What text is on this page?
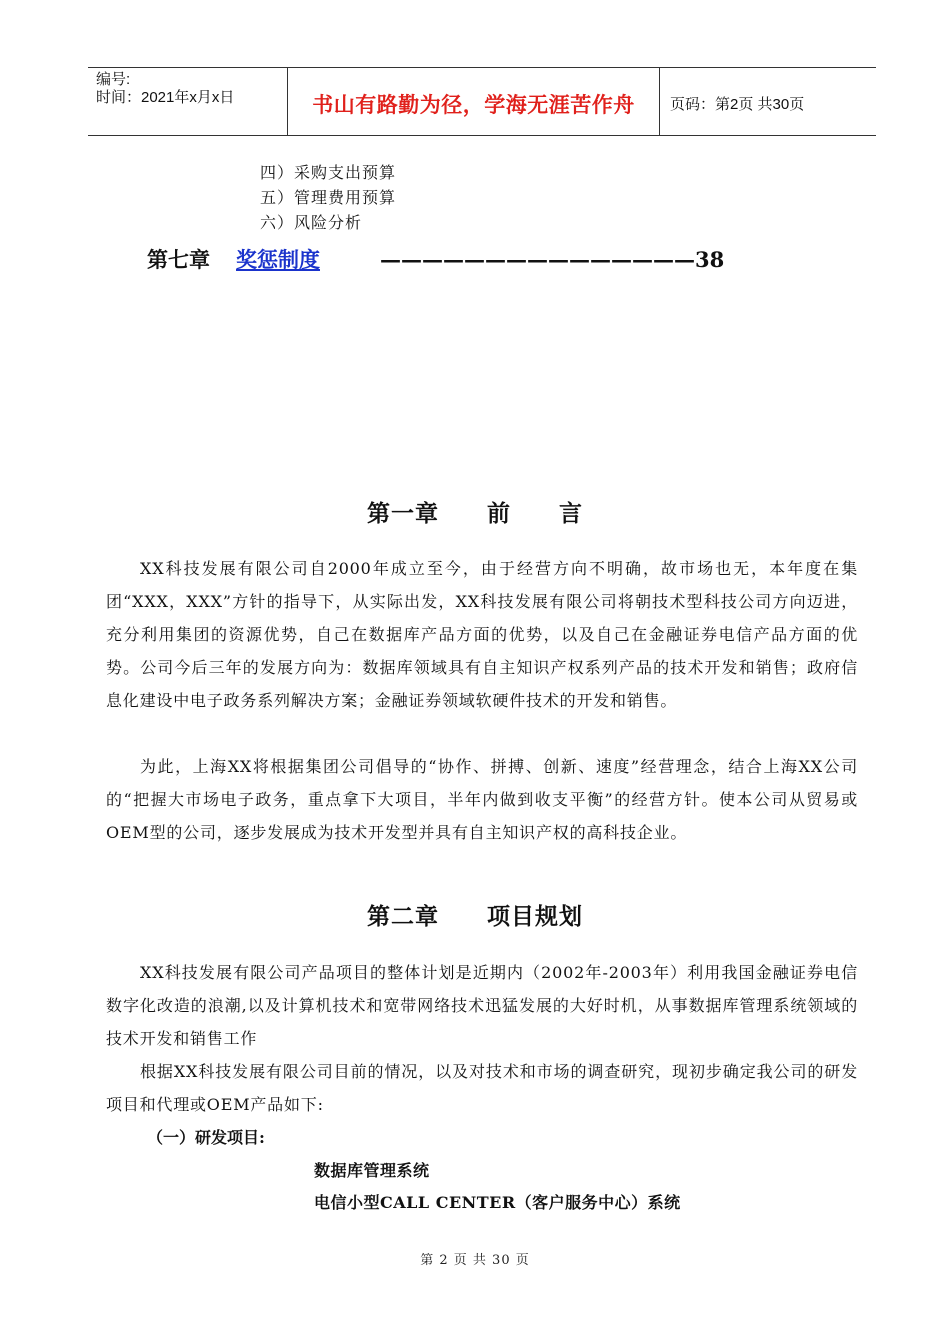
编号:
时间：2021年x月x日	书山有路勤为径，学海无涯苦作舟	页码：第2页 共30页
四）采购支出预算
五）管理费用预算
六）风险分析
第七章 奖惩制度	———————————————38
第一章　　前　　言
XX科技发展有限公司自2000年成立至今，由于经营方向不明确，故市场也无，本年度在集团“XXX，XXX”方针的指导下，从实际出发，XX科技发展有限公司将朝技术型科技公司方向迈进，充分利用集团的资源优势，自己在数据库产品方面的优势，以及自己在金融证券电信产品方面的优势。公司今后三年的发展方向为：数据库领域具有自主知识产权系列产品的技术开发和销售；政府信息化建设中电子政务系列解决方案；金融证券领域软硬件技术的开发和销售。
为此，上海XX将根据集团公司倡导的“协作、拼搏、创新、速度”经营理念，结合上海XX公司的“把握大市场电子政务，重点拿下大项目，半年内做到收支平衡”的经营方针。使本公司从贸易或OEM型的公司，逐步发展成为技术开发型并具有自主知识产权的高科技企业。
第二章　　项目规划
XX科技发展有限公司产品项目的整体计划是近期内（2002年-2003年）利用我国金融证券电信数字化改造的浪潮,以及计算机技术和宽带网络技术迅猛发展的大好时机，从事数据库管理系统领域的技术开发和销售工作
根据XX科技发展有限公司目前的情况，以及对技术和市场的调查研究，现初步确定我公司的研发项目和代理或OEM产品如下:
（一）研发项目:
数据库管理系统
电信小型CALL CENTER（客户服务中心）系统
第 2 页 共 30 页
